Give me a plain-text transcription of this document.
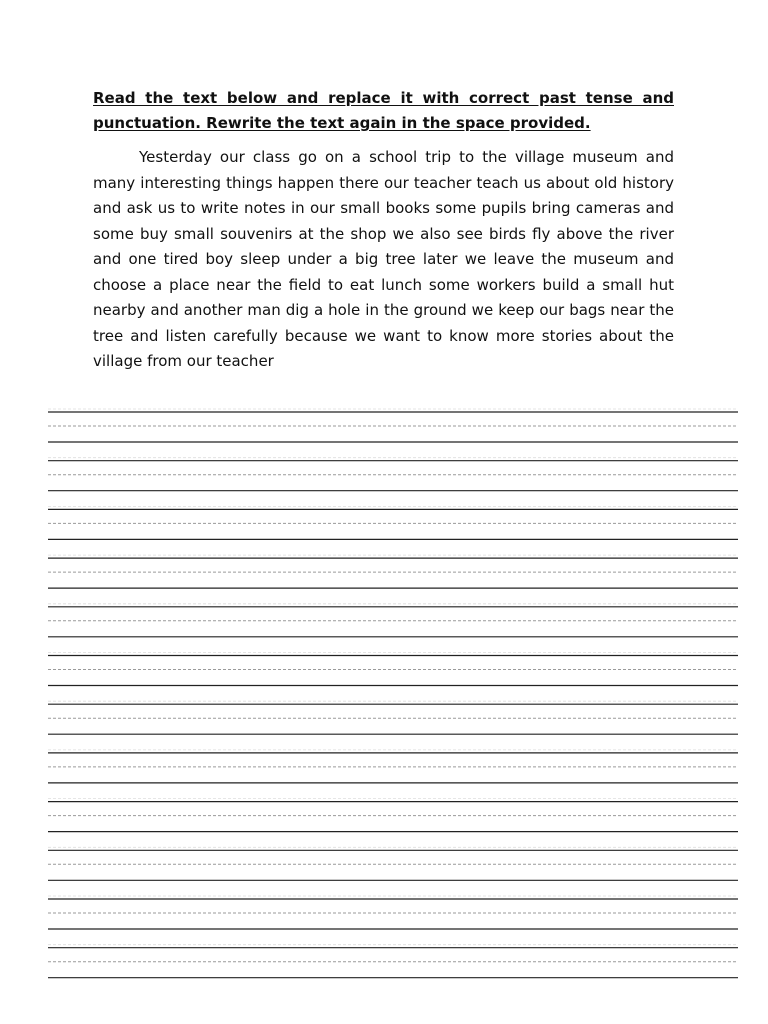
Read the text below and replace it with correct past tense and punctuation. Rewrite the text again in the space provided.

Yesterday our class go on a school trip to the village museum and many interesting things happen there our teacher teach us about old history and ask us to write notes in our small books some pupils bring cameras and some buy small souvenirs at the shop we also see birds fly above the river and one tired boy sleep under a big tree later we leave the museum and choose a place near the field to eat lunch some workers build a small hut nearby and another man dig a hole in the ground we keep our bags near the tree and listen carefully because we want to know more stories about the village from our teacher
